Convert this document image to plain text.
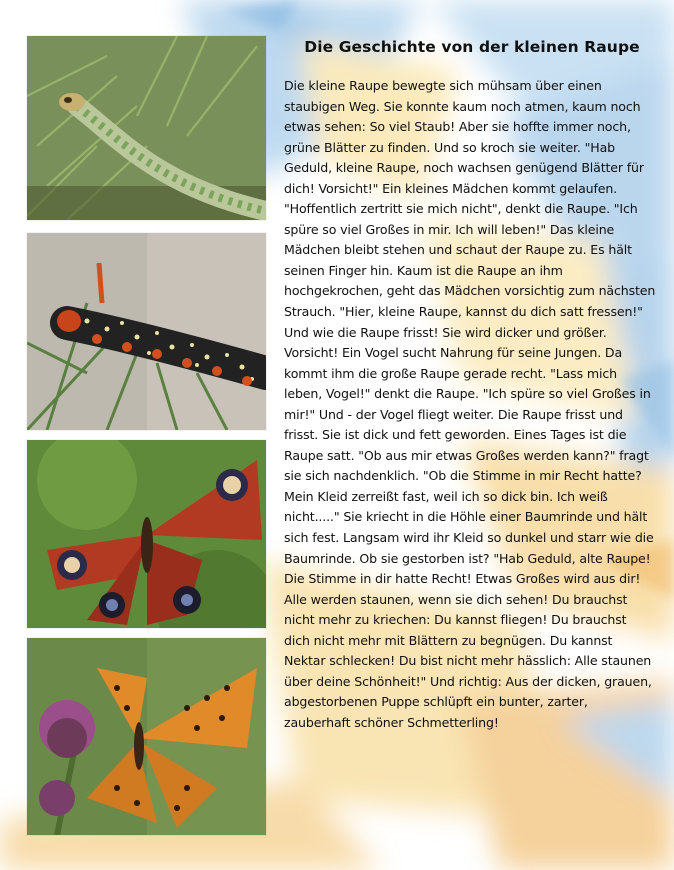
Die Geschichte von der kleinen Raupe
Die kleine Raupe bewegte sich mühsam über einen staubigen Weg. Sie konnte kaum noch atmen, kaum noch etwas sehen: So viel Staub! Aber sie hoffte immer noch, grüne Blätter zu finden. Und so kroch sie weiter. "Hab Geduld, kleine Raupe, noch wachsen genügend Blätter für dich! Vorsicht!" Ein kleines Mädchen kommt gelaufen. "Hoffentlich zertritt sie mich nicht", denkt die Raupe. "Ich spüre so viel Großes in mir. Ich will leben!" Das kleine Mädchen bleibt stehen und schaut der Raupe zu. Es hält seinen Finger hin. Kaum ist die Raupe an ihm hochgekrochen, geht das Mädchen vorsichtig zum nächsten Strauch. "Hier, kleine Raupe, kannst du dich satt fressen!" Und wie die Raupe frisst! Sie wird dicker und größer. Vorsicht! Ein Vogel sucht Nahrung für seine Jungen. Da kommt ihm die große Raupe gerade recht. "Lass mich leben, Vogel!" denkt die Raupe. "Ich spüre so viel Großes in mir!" Und - der Vogel fliegt weiter. Die Raupe frisst und frisst. Sie ist dick und fett geworden. Eines Tages ist die Raupe satt. "Ob aus mir etwas Großes werden kann?" fragt sie sich nachdenklich. "Ob die Stimme in mir Recht hatte? Mein Kleid zerreißt fast, weil ich so dick bin. Ich weiß nicht....." Sie kriecht in die Höhle einer Baumrinde und hält sich fest. Langsam wird ihr Kleid so dunkel und starr wie die Baumrinde. Ob sie gestorben ist? "Hab Geduld, alte Raupe! Die Stimme in dir hatte Recht! Etwas Großes wird aus dir! Alle werden staunen, wenn sie dich sehen! Du brauchst nicht mehr zu kriechen: Du kannst fliegen! Du brauchst dich nicht mehr mit Blättern zu begnügen. Du kannst Nektar schlecken! Du bist nicht mehr hässlich: Alle staunen über deine Schönheit!" Und richtig: Aus der dicken, grauen, abgestorbenen Puppe schlüpft ein bunter, zarter, zauberhaft schöner Schmetterling!
